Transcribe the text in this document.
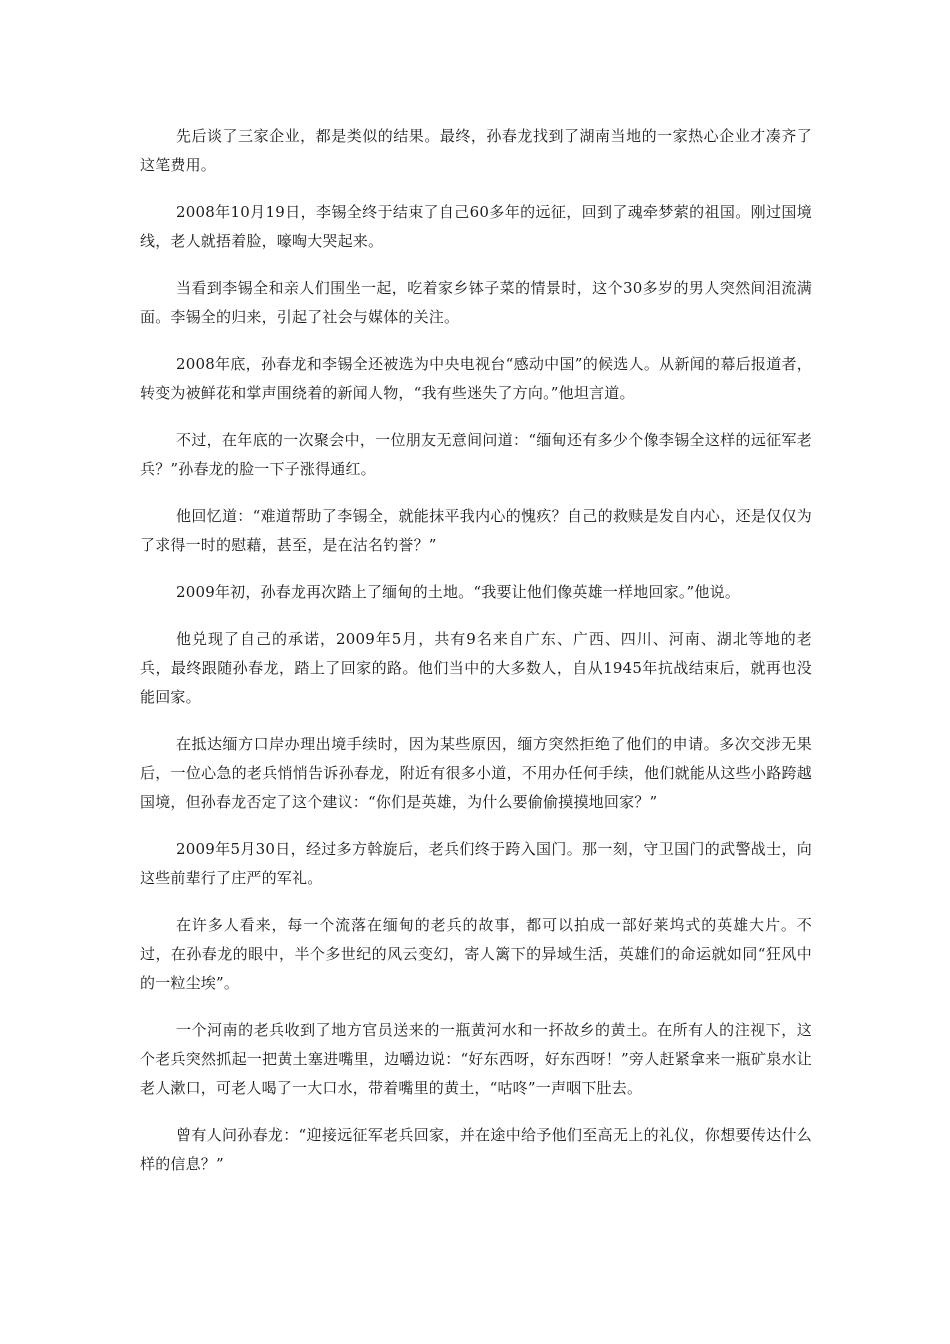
先后谈了三家企业，都是类似的结果。最终，孙春龙找到了湖南当地的一家热心企业才凑齐了这笔费用。

2008年10月19日，李锡全终于结束了自己60多年的远征，回到了魂牵梦萦的祖国。刚过国境线，老人就捂着脸，嚎啕大哭起来。

当看到李锡全和亲人们围坐一起，吃着家乡钵子菜的情景时，这个30多岁的男人突然间泪流满面。李锡全的归来，引起了社会与媒体的关注。

2008年底，孙春龙和李锡全还被选为中央电视台“感动中国”的候选人。从新闻的幕后报道者，转变为被鲜花和掌声围绕着的新闻人物，“我有些迷失了方向。”他坦言道。

不过，在年底的一次聚会中，一位朋友无意间问道：“缅甸还有多少个像李锡全这样的远征军老兵？”孙春龙的脸一下子涨得通红。

他回忆道：“难道帮助了李锡全，就能抹平我内心的愧疚？自己的救赎是发自内心，还是仅仅为了求得一时的慰藉，甚至，是在沽名钓誉？”

2009年初，孙春龙再次踏上了缅甸的土地。“我要让他们像英雄一样地回家。”他说。

他兑现了自己的承诺，2009年5月，共有9名来自广东、广西、四川、河南、湖北等地的老兵，最终跟随孙春龙，踏上了回家的路。他们当中的大多数人，自从1945年抗战结束后，就再也没能回家。

在抵达缅方口岸办理出境手续时，因为某些原因，缅方突然拒绝了他们的申请。多次交涉无果后，一位心急的老兵悄悄告诉孙春龙，附近有很多小道，不用办任何手续，他们就能从这些小路跨越国境，但孙春龙否定了这个建议：“你们是英雄，为什么要偷偷摸摸地回家？”

2009年5月30日，经过多方斡旋后，老兵们终于跨入国门。那一刻，守卫国门的武警战士，向这些前辈行了庄严的军礼。

在许多人看来，每一个流落在缅甸的老兵的故事，都可以拍成一部好莱坞式的英雄大片。不过，在孙春龙的眼中，半个多世纪的风云变幻，寄人篱下的异域生活，英雄们的命运就如同“狂风中的一粒尘埃”。

一个河南的老兵收到了地方官员送来的一瓶黄河水和一抔故乡的黄土。在所有人的注视下，这个老兵突然抓起一把黄土塞进嘴里，边嚼边说：“好东西呀，好东西呀！”旁人赶紧拿来一瓶矿泉水让老人漱口，可老人喝了一大口水，带着嘴里的黄土，“咕咚”一声咽下肚去。

曾有人问孙春龙：“迎接远征军老兵回家，并在途中给予他们至高无上的礼仪，你想要传达什么样的信息？”
